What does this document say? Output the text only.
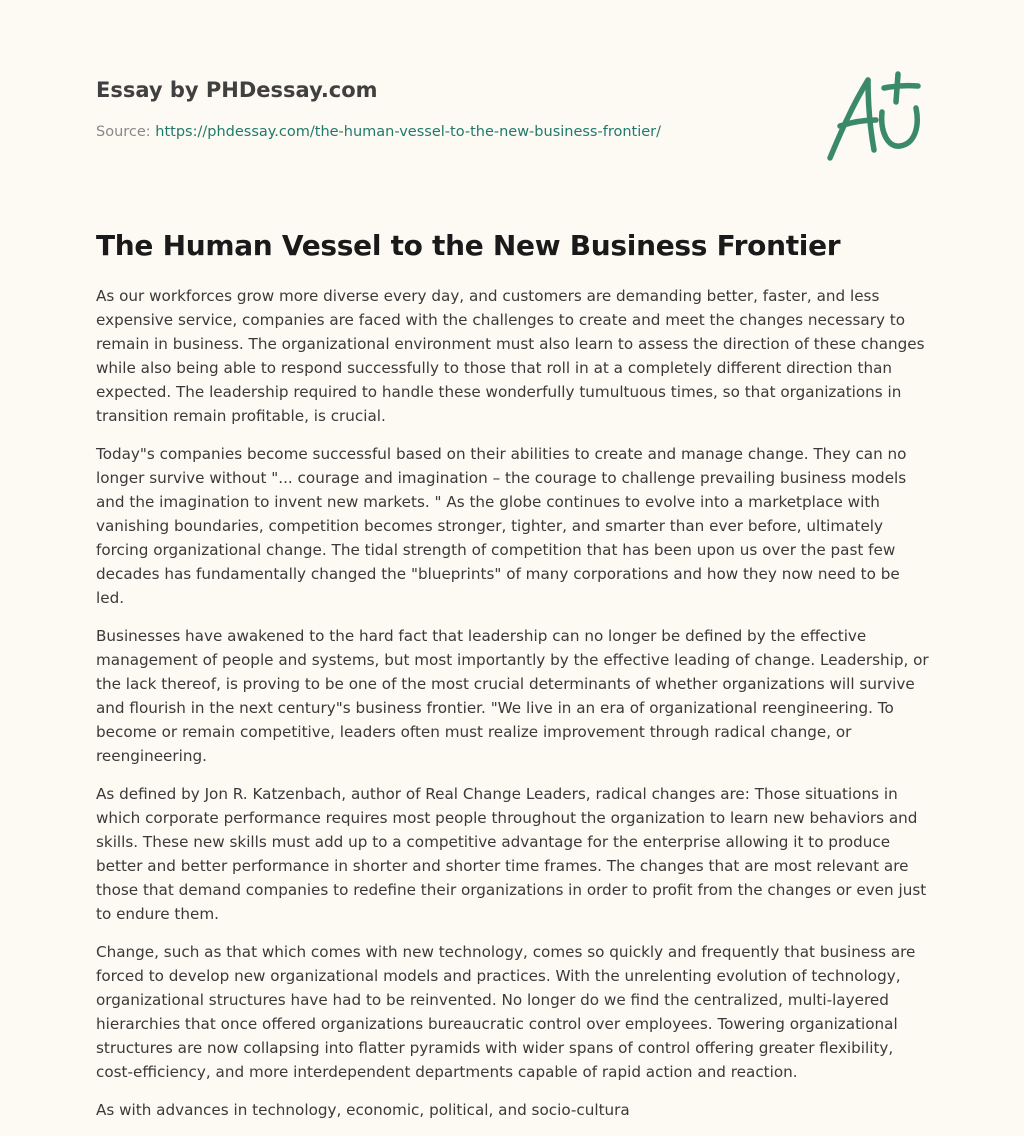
Essay by PHDessay.com
Source: https://phdessay.com/the-human-vessel-to-the-new-business-frontier/
The Human Vessel to the New Business Frontier

As our workforces grow more diverse every day, and customers are demanding better, faster, and less expensive service, companies are faced with the challenges to create and meet the changes necessary to remain in business. The organizational environment must also learn to assess the direction of these changes while also being able to respond successfully to those that roll in at a completely different direction than expected. The leadership required to handle these wonderfully tumultuous times, so that organizations in transition remain profitable, is crucial.

Today"s companies become successful based on their abilities to create and manage change. They can no longer survive without "... courage and imagination – the courage to challenge prevailing business models and the imagination to invent new markets. " As the globe continues to evolve into a marketplace with vanishing boundaries, competition becomes stronger, tighter, and smarter than ever before, ultimately forcing organizational change. The tidal strength of competition that has been upon us over the past few decades has fundamentally changed the "blueprints" of many corporations and how they now need to be led.

Businesses have awakened to the hard fact that leadership can no longer be defined by the effective management of people and systems, but most importantly by the effective leading of change. Leadership, or the lack thereof, is proving to be one of the most crucial determinants of whether organizations will survive and flourish in the next century"s business frontier. "We live in an era of organizational reengineering. To become or remain competitive, leaders often must realize improvement through radical change, or reengineering.

As defined by Jon R. Katzenbach, author of Real Change Leaders, radical changes are: Those situations in which corporate performance requires most people throughout the organization to learn new behaviors and skills. These new skills must add up to a competitive advantage for the enterprise allowing it to produce better and better performance in shorter and shorter time frames. The changes that are most relevant are those that demand companies to redefine their organizations in order to profit from the changes or even just to endure them.

Change, such as that which comes with new technology, comes so quickly and frequently that business are forced to develop new organizational models and practices. With the unrelenting evolution of technology, organizational structures have had to be reinvented. No longer do we find the centralized, multi-layered hierarchies that once offered organizations bureaucratic control over employees. Towering organizational structures are now collapsing into flatter pyramids with wider spans of control offering greater flexibility, cost-efficiency, and more interdependent departments capable of rapid action and reaction.

As with advances in technology, economic, political, and socio-cultura
